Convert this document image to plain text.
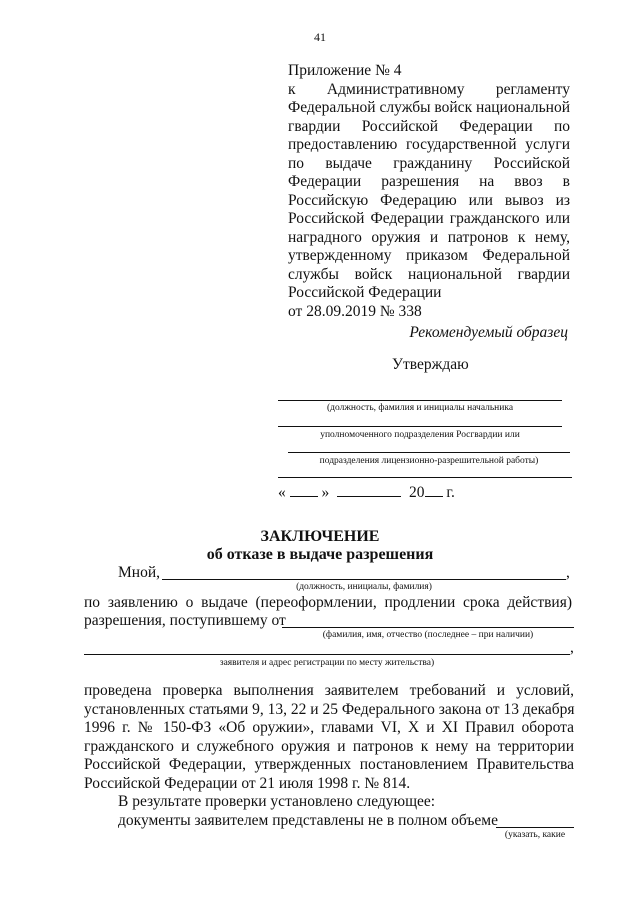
41
Приложение № 4
к Административному регламенту
Федеральной службы войск национальной
гвардии Российской Федерации по
предоставлению государственной услуги
по выдаче гражданину Российской
Федерации разрешения на ввоз в
Российскую Федерацию или вывоз из
Российской Федерации гражданского или
наградного оружия и патронов к нему,
утвержденному приказом Федеральной
службы войск национальной гвардии
Российской Федерации
от 28.09.2019 № 338
Рекомендуемый образец
Утверждаю
(должность, фамилия и инициалы начальника
уполномоченного подразделения Росгвардии или
подразделения лицензионно-разрешительной работы)
« »	20 г.
ЗАКЛЮЧЕНИЕ
об отказе в выдаче разрешения
Мной,	,
(должность, инициалы, фамилия)
по заявлению о выдаче (переоформлении, продлении срока действия)
разрешения, поступившему от
(фамилия, имя, отчество (последнее – при наличии)
,
заявителя и адрес регистрации по месту жительства)
проведена проверка выполнения заявителем требований и условий,
установленных статьями 9, 13, 22 и 25 Федерального закона от 13 декабря
1996 г. № 150-ФЗ «Об оружии», главами VI, X и XI Правил оборота
гражданского и служебного оружия и патронов к нему на территории
Российской Федерации, утвержденных постановлением Правительства
Российской Федерации от 21 июля 1998 г. № 814.
В результате проверки установлено следующее:
документы заявителем представлены не в полном объеме
(указать, какие
